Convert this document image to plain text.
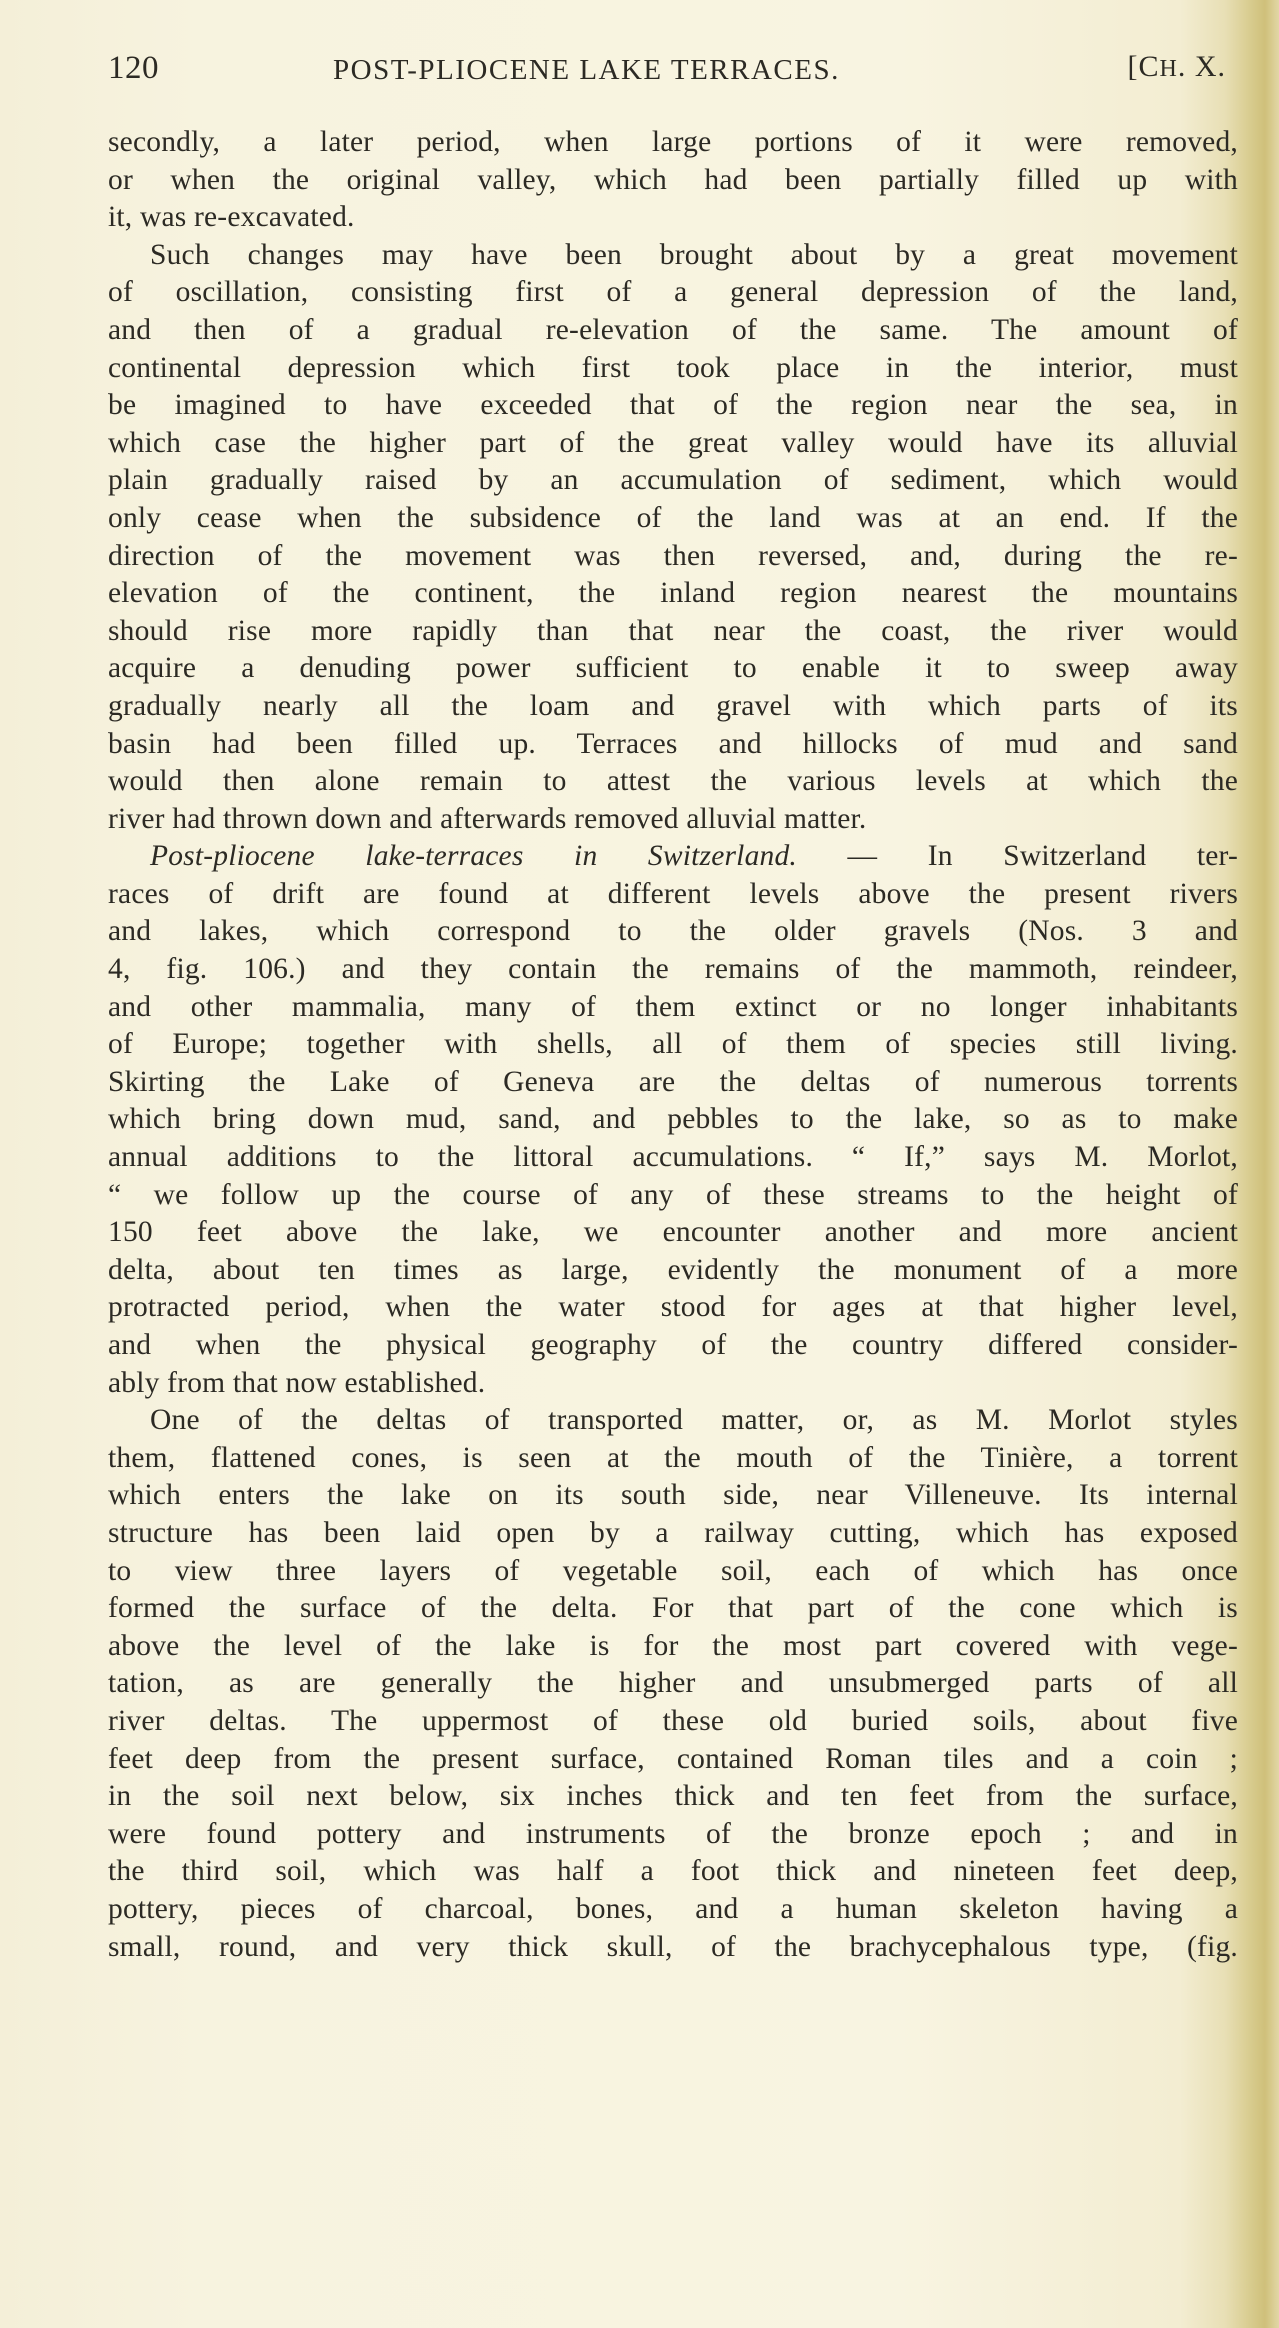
120	POST-PLIOCENE LAKE TERRACES.	[CH. X.
secondly, a later period, when large portions of it were removed,
or when the original valley, which had been partially filled up with
it, was re-excavated.
Such changes may have been brought about by a great movement
of oscillation, consisting first of a general depression of the land,
and then of a gradual re-elevation of the same. The amount of
continental depression which first took place in the interior, must
be imagined to have exceeded that of the region near the sea, in
which case the higher part of the great valley would have its alluvial
plain gradually raised by an accumulation of sediment, which would
only cease when the subsidence of the land was at an end. If the
direction of the movement was then reversed, and, during the re-
elevation of the continent, the inland region nearest the mountains
should rise more rapidly than that near the coast, the river would
acquire a denuding power sufficient to enable it to sweep away
gradually nearly all the loam and gravel with which parts of its
basin had been filled up. Terraces and hillocks of mud and sand
would then alone remain to attest the various levels at which the
river had thrown down and afterwards removed alluvial matter.
Post-pliocene lake-terraces in Switzerland. — In Switzerland ter-
races of drift are found at different levels above the present rivers
and lakes, which correspond to the older gravels (Nos. 3 and
4, fig. 106.) and they contain the remains of the mammoth, reindeer,
and other mammalia, many of them extinct or no longer inhabitants
of Europe; together with shells, all of them of species still living.
Skirting the Lake of Geneva are the deltas of numerous torrents
which bring down mud, sand, and pebbles to the lake, so as to make
annual additions to the littoral accumulations. “ If,” says M. Morlot,
“ we follow up the course of any of these streams to the height of
150 feet above the lake, we encounter another and more ancient
delta, about ten times as large, evidently the monument of a more
protracted period, when the water stood for ages at that higher level,
and when the physical geography of the country differed consider-
ably from that now established.
One of the deltas of transported matter, or, as M. Morlot styles
them, flattened cones, is seen at the mouth of the Tinière, a torrent
which enters the lake on its south side, near Villeneuve. Its internal
structure has been laid open by a railway cutting, which has exposed
to view three layers of vegetable soil, each of which has once
formed the surface of the delta. For that part of the cone which is
above the level of the lake is for the most part covered with vege-
tation, as are generally the higher and unsubmerged parts of all
river deltas. The uppermost of these old buried soils, about five
feet deep from the present surface, contained Roman tiles and a coin ;
in the soil next below, six inches thick and ten feet from the surface,
were found pottery and instruments of the bronze epoch ; and in
the third soil, which was half a foot thick and nineteen feet deep,
pottery, pieces of charcoal, bones, and a human skeleton having a
small, round, and very thick skull, of the brachycephalous type, (fig.
